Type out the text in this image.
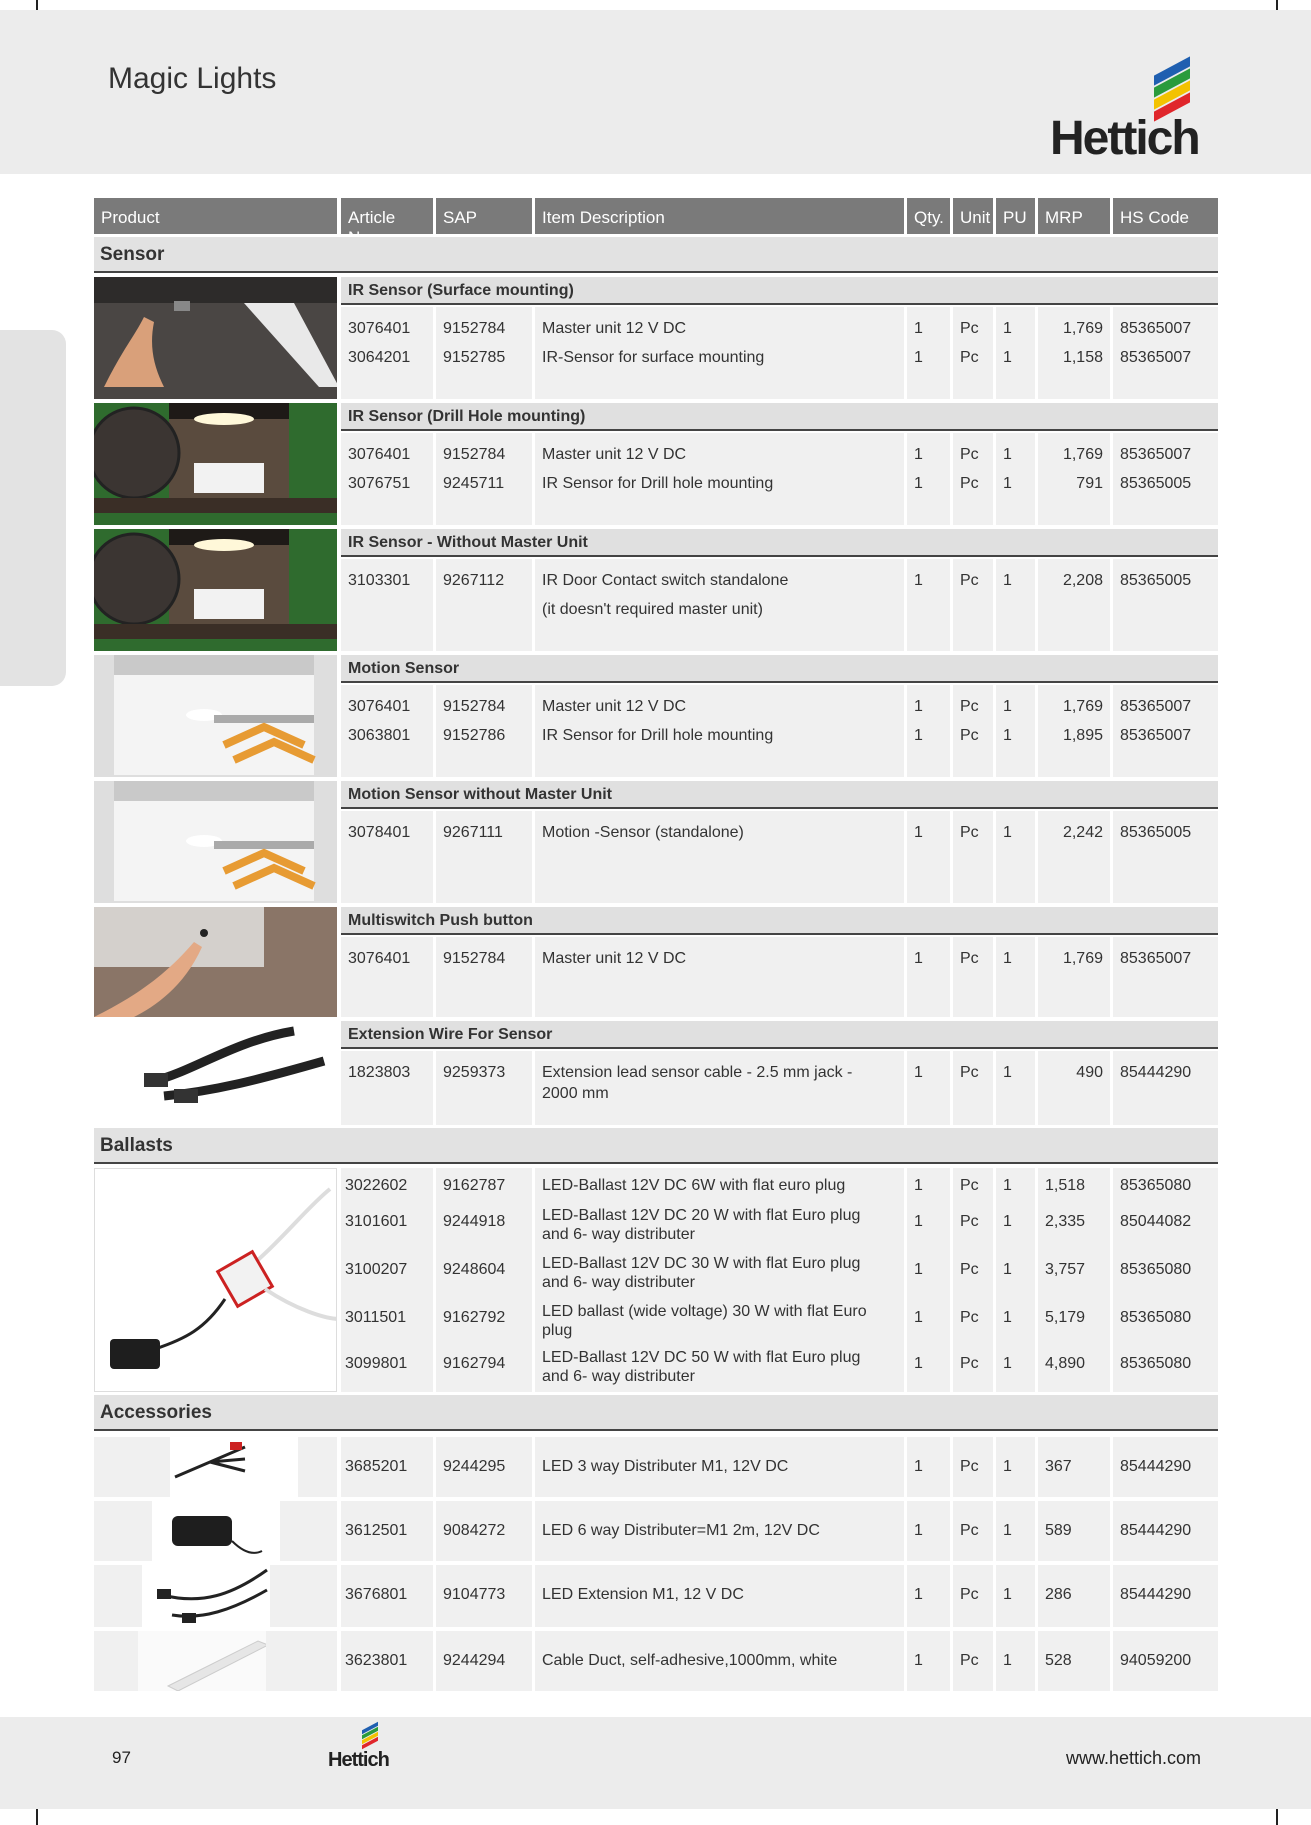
Magic Lights
Hettich
Product	Article	SAP	Item Description	Qty. Unit PU	MRP	HS Code
Sensor
IR Sensor (Surface mounting)
3076401	9152784	Master unit 12 V DC	1	Pc	1	1,769 85365007
3064201	9152785	IR-Sensor for surface mounting	1	Pc	1	1,158 85365007
IR Sensor (Drill Hole mounting)
3076401	9152784	Master unit 12 V DC	1	Pc	1	1,769 85365007
3076751	9245711	IR Sensor for Drill hole mounting	1	Pc	1	791 85365005
IR Sensor - Without Master Unit
3103301	9267112	IR Door Contact switch standalone	1	Pc	1	2,208 85365005
(it doesn't required master unit)
Motion Sensor
3076401	9152784	Master unit 12 V DC	1	Pc	1	1,769 85365007
3063801	9152786	IR Sensor for Drill hole mounting	1	Pc	1	1,895 85365007
Motion Sensor without Master Unit
3078401	9267111	Motion -Sensor (standalone)	1	Pc	1	2,242 85365005
Multiswitch Push button
3076401	9152784	Master unit 12 V DC	1	Pc	1	1,769 85365007
Extension Wire For Sensor
1823803	9259373	Extension lead sensor cable - 2.5 mm jack -	1	Pc	1	490 85444290
2000 mm
Ballasts
3022602	9162787	LED-Ballast 12V DC 6W with flat euro plug	1	Pc	1	1,518	85365080
3101601	9244918	LED-Ballast 12V DC 20 W with flat Euro plug	1	Pc	1	2,335	85044082
and 6- way distributer
3100207	9248604	LED-Ballast 12V DC 30 W with flat Euro plug	1	Pc	1	3,757	85365080
and 6- way distributer
3011501	9162792	LED ballast (wide voltage) 30 W with flat Euro	1	Pc	1	5,179	85365080
plug
3099801	9162794	LED-Ballast 12V DC 50 W with flat Euro plug	1	Pc	1	4,890	85365080
and 6- way distributer
Accessories
3685201	9244295	LED 3 way Distributer M1, 12V DC	1	Pc	1	367	85444290
3612501	9084272	LED 6 way Distributer=M1 2m, 12V DC	1	Pc	1	589	85444290
3676801	9104773	LED Extension M1, 12 V DC	1	Pc	1	286	85444290
3623801	9244294	Cable Duct, self-adhesive,1000mm, white	1	Pc	1	528	94059200
97	Hettich	www.hettich.com
